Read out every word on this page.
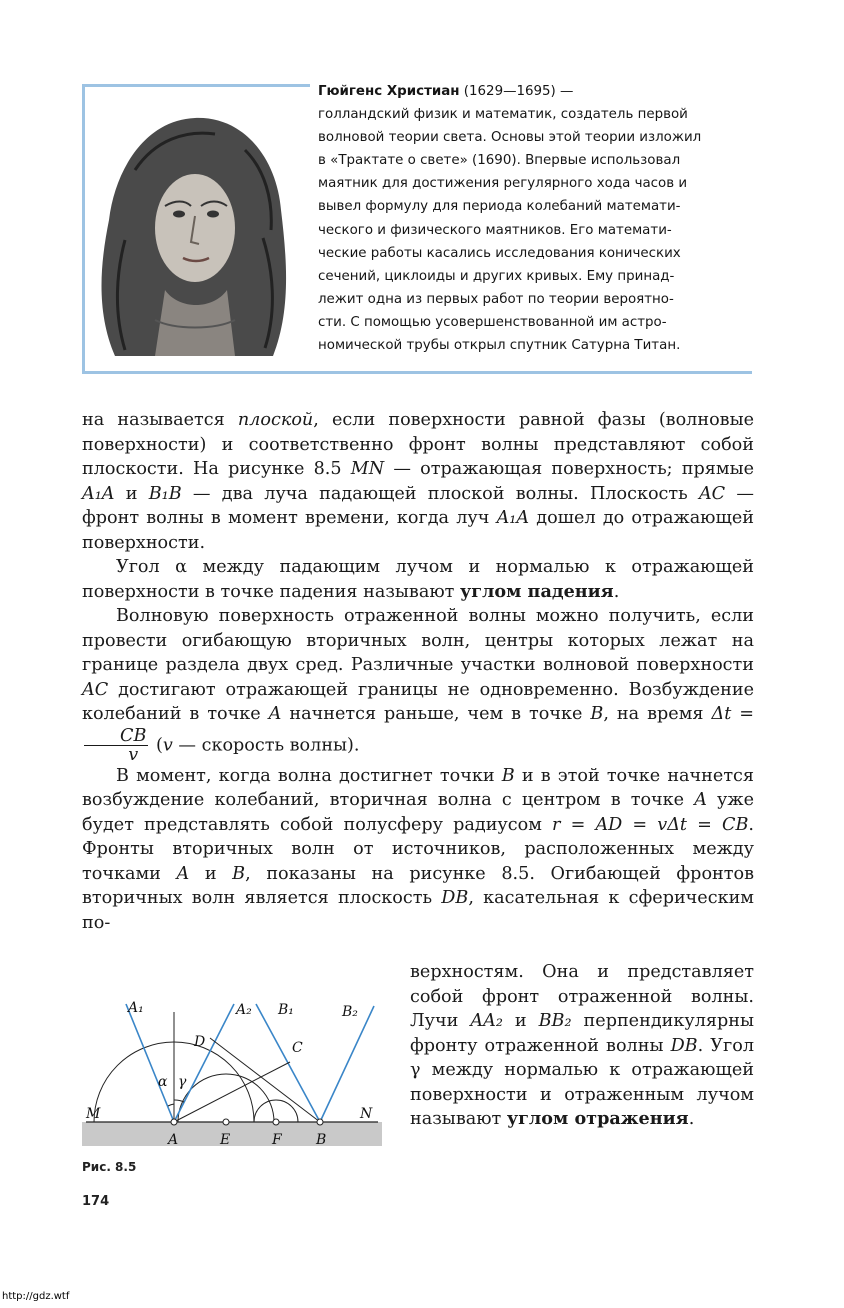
Гюйгенс Христиан (1629—1695) —
голландский физик и математик, создатель первой
волновой теории света. Основы этой теории изложил
в «Трактате о свете» (1690). Впервые использовал
маятник для достижения регулярного хода часов и
вывел формулу для периода колебаний математи-
ческого и физического маятников. Его математи-
ческие работы касались исследования конических
сечений, циклоиды и других кривых. Ему принад-
лежит одна из первых работ по теории вероятно-
сти. С помощью усовершенствованной им астро-
номической трубы открыл спутник Сатурна Титан.

на называется плоской, если поверхности равной фазы (волновые поверхности) и соответственно фронт волны представляют собой плоскости. На рисунке 8.5 MN — отражающая поверхность; прямые A₁A и B₁B — два луча падающей плоской волны. Плоскость AC — фронт волны в момент времени, когда луч A₁A дошел до отражающей поверхности.

Угол α между падающим лучом и нормалью к отражающей поверхности в точке падения называют углом падения.

Волновую поверхность отраженной волны можно получить, если провести огибающую вторичных волн, центры которых лежат на границе раздела двух сред. Различные участки волновой поверхности AC достигают отражающей границы не одновременно. Возбуждение колебаний в точке A начнется раньше, чем в точке B, на время Δt =
$\frac{CB}{v} (v$ — скорость волны).

В момент, когда волна достигнет точки B и в этой точке начнется возбуждение колебаний, вторичная волна с центром в точке A уже будет представлять собой полусферу радиусом r = AD = vΔt = CB. Фронты вторичных волн от источников, расположенных между точками A и B, показаны на рисунке 8.5. Огибающей фронтов вторичных волн является плоскость DB, касательная к сферическим по-

верхностям. Она и представляет собой фронт отраженной волны. Лучи AA₂ и BB₂ перпендикулярны фронту отраженной волны DB. Угол γ между нормалью к отражающей поверхности и отраженным лучом называют углом отражения.

A₁	A₂ B₁	B₂
D	C
M	N
A	E	F B
α γ
Рис. 8.5
174
http://gdz.wtf
